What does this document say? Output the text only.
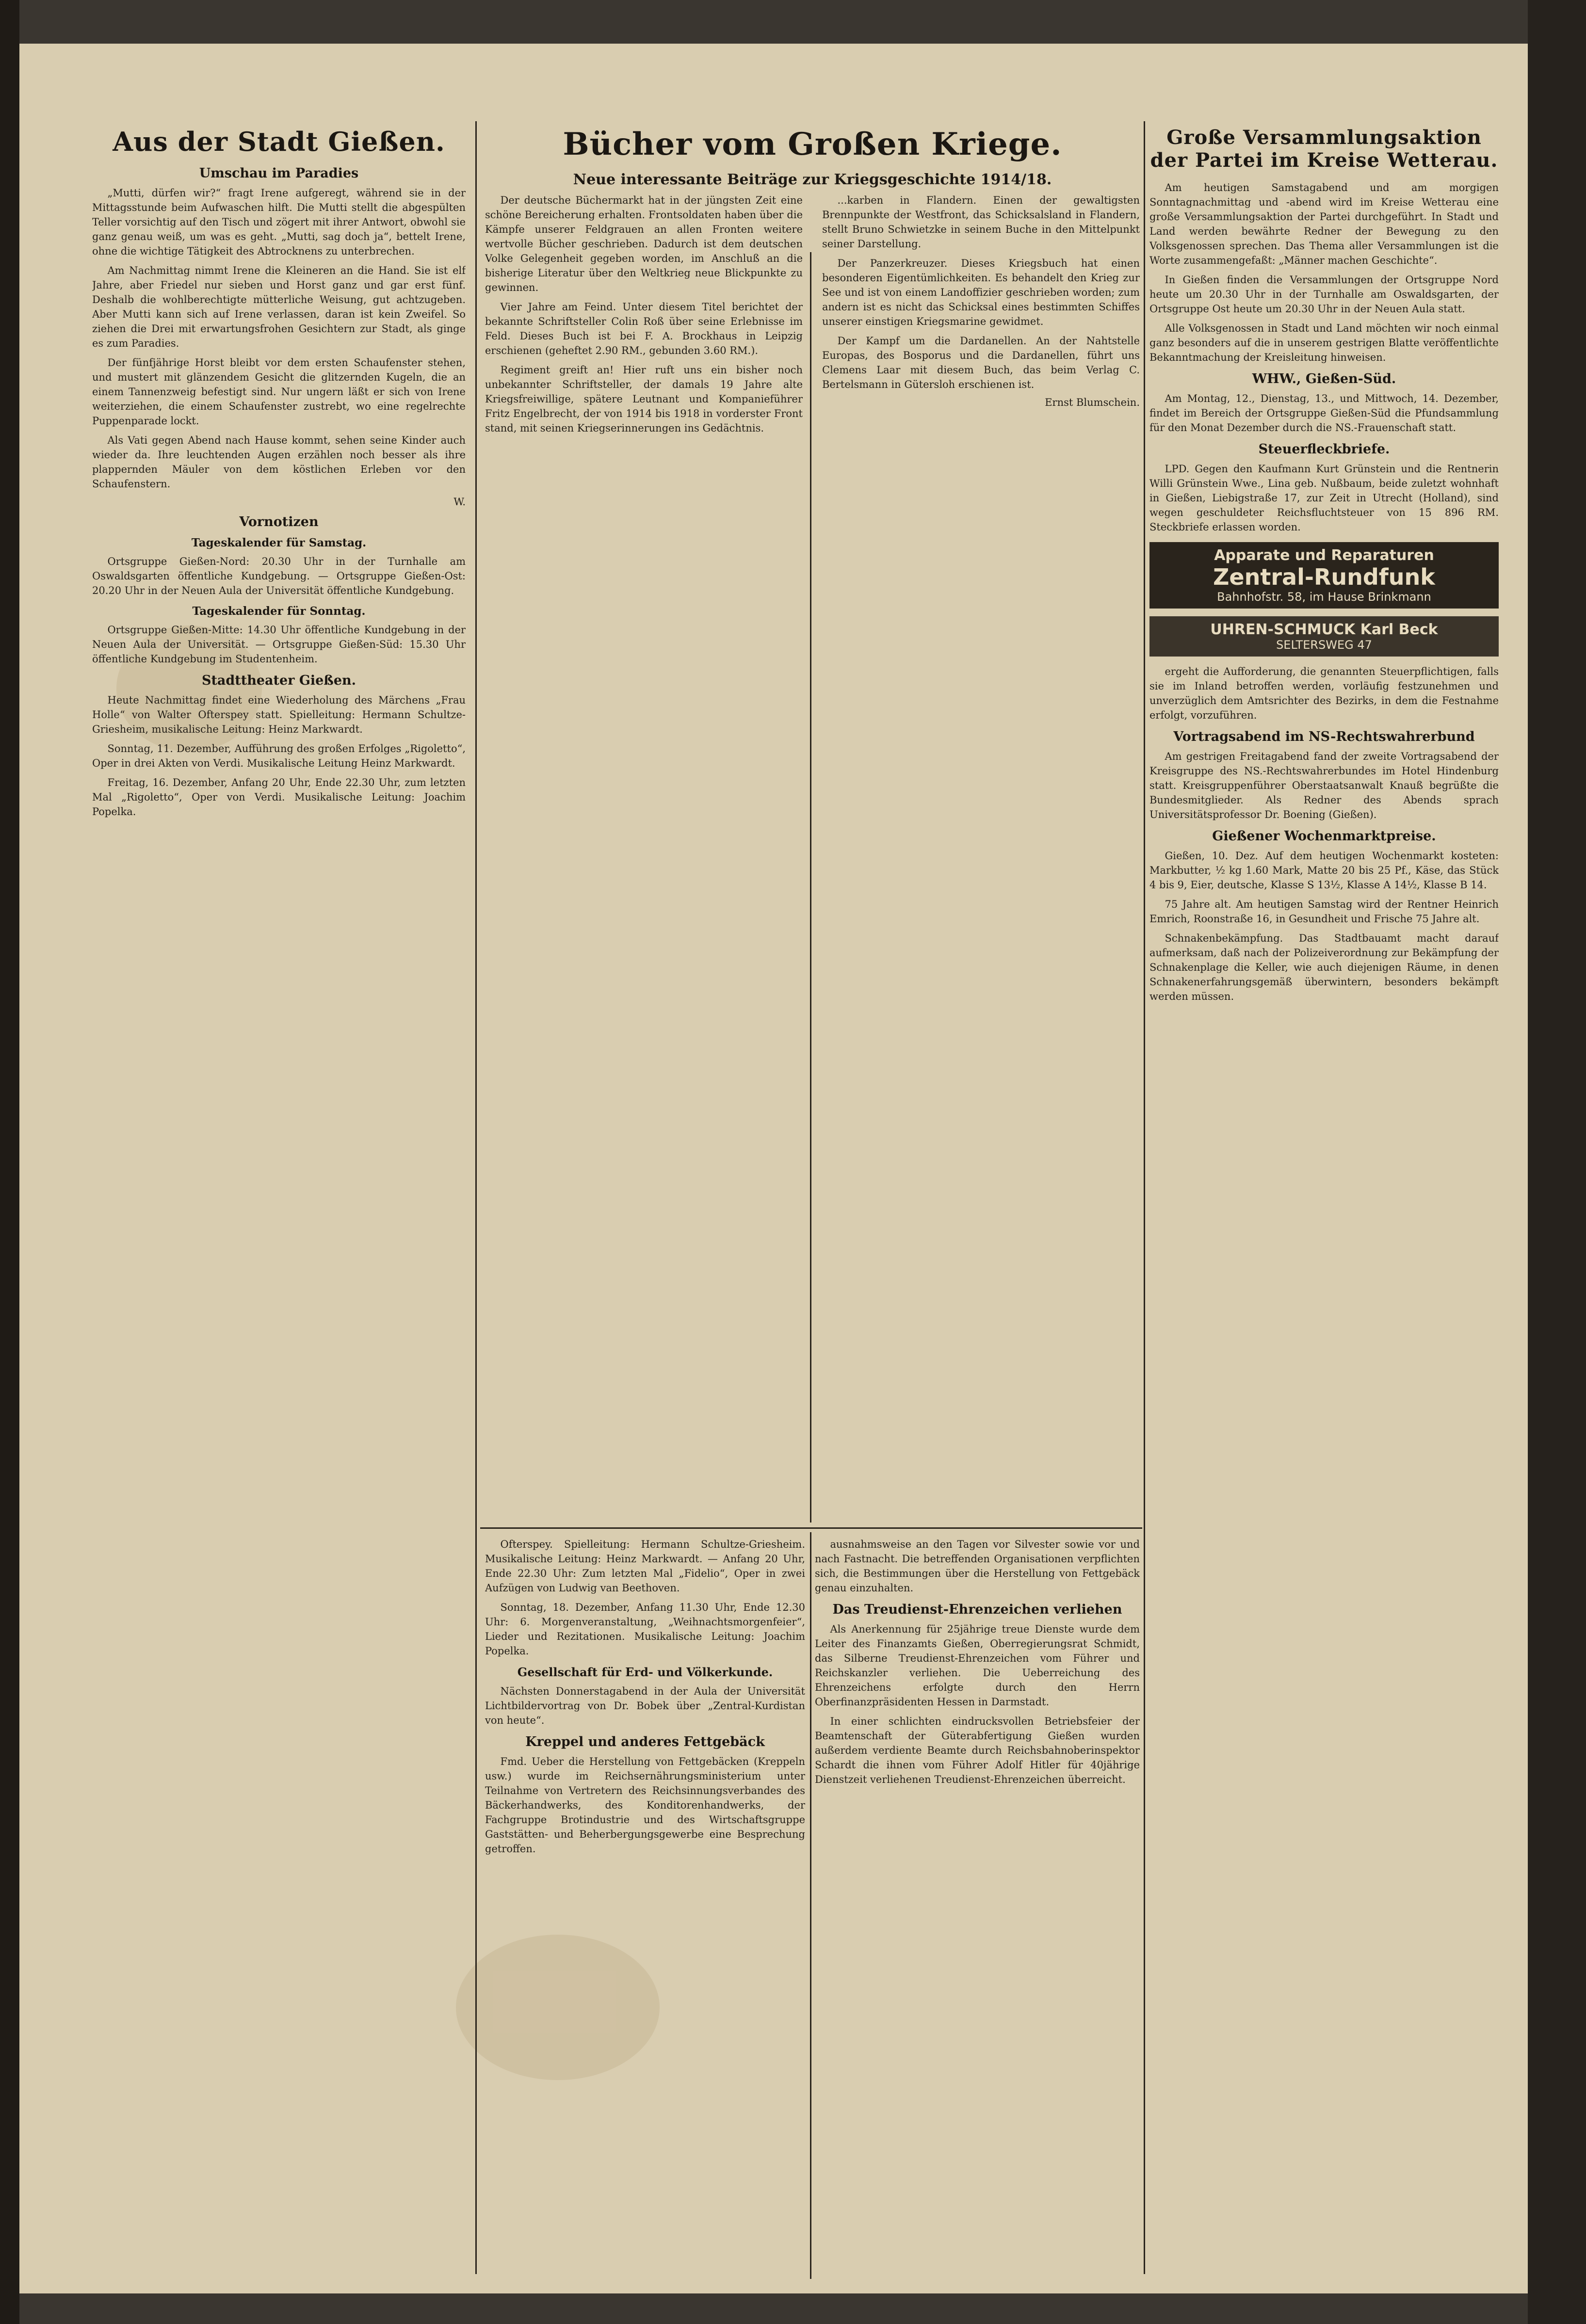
Aus der Stadt Gießen.
Umschau im Paradies

„Mutti, dürfen wir?“ fragt Irene aufgeregt, während sie in der Mittagsstunde beim Aufwaschen hilft. Die Mutti stellt die abgespülten Teller vorsichtig auf den Tisch und zögert mit ihrer Antwort, obwohl sie ganz genau weiß, um was es geht. „Mutti, sag doch ja“, bettelt Irene, ohne die wichtige Tätigkeit des Abtrocknens zu unterbrechen.

Am Nachmittag nimmt Irene die Kleineren an die Hand. Sie ist elf Jahre, aber Friedel nur sieben und Horst ganz und gar erst fünf. Deshalb die wohlberechtigte mütterliche Weisung, gut achtzugeben. Aber Mutti kann sich auf Irene verlassen, daran ist kein Zweifel. So ziehen die Drei mit erwartungsfrohen Gesichtern zur Stadt, als ginge es zum Paradies.

Der fünfjährige Horst bleibt vor dem ersten Schaufenster stehen, und mustert mit glänzendem Gesicht die glitzernden Kugeln, die an einem Tannenzweig befestigt sind. Nur ungern läßt er sich von Irene weiterziehen, die einem Schaufenster zustrebt, wo eine regelrechte Puppenparade lockt.

Als Vati gegen Abend nach Hause kommt, sehen seine Kinder auch wieder da. Ihre leuchtenden Augen erzählen noch besser als ihre plappernden Mäuler von dem köstlichen Erleben vor den Schaufenstern.

W.
Vornotizen
Tageskalender für Samstag.

Ortsgruppe Gießen-Nord: 20.30 Uhr in der Turnhalle am Oswaldsgarten öffentliche Kundgebung. — Ortsgruppe Gießen-Ost: 20.20 Uhr in der Neuen Aula der Universität öffentliche Kundgebung.

Tageskalender für Sonntag.

Ortsgruppe Gießen-Mitte: 14.30 Uhr öffentliche Kundgebung in der Neuen Aula der Universität. — Ortsgruppe Gießen-Süd: 15.30 Uhr öffentliche Kundgebung im Studentenheim.

Stadttheater Gießen.

Heute Nachmittag findet eine Wiederholung des Märchens „Frau Holle“ von Walter Ofterspey statt. Spielleitung: Hermann Schultze-Griesheim, musikalische Leitung: Heinz Markwardt.

Sonntag, 11. Dezember, Aufführung des großen Erfolges „Rigoletto“, Oper in drei Akten von Verdi. Musikalische Leitung Heinz Markwardt.

Freitag, 16. Dezember, Anfang 20 Uhr, Ende 22.30 Uhr, zum letzten Mal „Rigoletto“, Oper von Verdi. Musikalische Leitung: Joachim Popelka.

Bücher vom Großen Kriege.
Neue interessante Beiträge zur Kriegsgeschichte 1914/18.

Der deutsche Büchermarkt hat in der jüngsten Zeit eine schöne Bereicherung erhalten. Frontsoldaten haben über die Kämpfe unserer Feldgrauen an allen Fronten weitere wertvolle Bücher geschrieben. Dadurch ist dem deutschen Volke Gelegenheit gegeben worden, im Anschluß an die bisherige Literatur über den Weltkrieg neue Blickpunkte zu gewinnen.

Vier Jahre am Feind. Unter diesem Titel berichtet der bekannte Schriftsteller Colin Roß über seine Erlebnisse im Feld. Dieses Buch ist bei F. A. Brockhaus in Leipzig erschienen (geheftet 2.90 RM., gebunden 3.60 RM.).

Regiment greift an! Hier ruft uns ein bisher noch unbekannter Schriftsteller, der damals 19 Jahre alte Kriegsfreiwillige, spätere Leutnant und Kompanieführer Fritz Engelbrecht, der von 1914 bis 1918 in vorderster Front stand, mit seinen Kriegserinnerungen ins Gedächtnis.

...karben in Flandern. Einen der gewaltigsten Brennpunkte der Westfront, das Schicksalsland in Flandern, stellt Bruno Schwietzke in seinem Buche in den Mittelpunkt seiner Darstellung.

Der Panzerkreuzer. Dieses Kriegsbuch hat einen besonderen Eigentümlichkeiten. Es behandelt den Krieg zur See und ist von einem Landoffizier geschrieben worden; zum andern ist es nicht das Schicksal eines bestimmten Schiffes unserer einstigen Kriegsmarine gewidmet.

Der Kampf um die Dardanellen. An der Nahtstelle Europas, des Bosporus und die Dardanellen, führt uns Clemens Laar mit diesem Buch, das beim Verlag C. Bertelsmann in Gütersloh erschienen ist.

Ernst Blumschein.

Ofterspey. Spielleitung: Hermann Schultze-Griesheim. Musikalische Leitung: Heinz Markwardt. — Anfang 20 Uhr, Ende 22.30 Uhr: Zum letzten Mal „Fidelio“, Oper in zwei Aufzügen von Ludwig van Beethoven.

Sonntag, 18. Dezember, Anfang 11.30 Uhr, Ende 12.30 Uhr: 6. Morgenveranstaltung, „Weihnachtsmorgenfeier“, Lieder und Rezitationen. Musikalische Leitung: Joachim Popelka.

Gesellschaft für Erd- und Völkerkunde.

Nächsten Donnerstagabend in der Aula der Universität Lichtbildervortrag von Dr. Bobek über „Zentral-Kurdistan von heute“.

Kreppel und anderes Fettgebäck

Fmd. Ueber die Herstellung von Fettgebäcken (Kreppeln usw.) wurde im Reichsernährungsministerium unter Teilnahme von Vertretern des Reichsinnungsverbandes des Bäckerhandwerks, des Konditorenhandwerks, der Fachgruppe Brotindustrie und des Wirtschaftsgruppe Gaststätten- und Beherbergungsgewerbe eine Besprechung getroffen.

ausnahmsweise an den Tagen vor Silvester sowie vor und nach Fastnacht. Die betreffenden Organisationen verpflichten sich, die Bestimmungen über die Herstellung von Fettgebäck genau einzuhalten.

Das Treudienst-Ehrenzeichen verliehen

Als Anerkennung für 25jährige treue Dienste wurde dem Leiter des Finanzamts Gießen, Oberregierungsrat Schmidt, das Silberne Treudienst-Ehrenzeichen vom Führer und Reichskanzler verliehen. Die Ueberreichung des Ehrenzeichens erfolgte durch den Herrn Oberfinanzpräsidenten Hessen in Darmstadt.

In einer schlichten eindrucksvollen Betriebsfeier der Beamtenschaft der Güterabfertigung Gießen wurden außerdem verdiente Beamte durch Reichsbahnoberinspektor Schardt die ihnen vom Führer Adolf Hitler für 40jährige Dienstzeit verliehenen Treudienst-Ehrenzeichen überreicht.

Große Versammlungsaktion der Partei im Kreise Wetterau.

Am heutigen Samstagabend und am morgigen Sonntagnachmittag und -abend wird im Kreise Wetterau eine große Versammlungsaktion der Partei durchgeführt. In Stadt und Land werden bewährte Redner der Bewegung zu den Volksgenossen sprechen. Das Thema aller Versammlungen ist die Worte zusammengefaßt: „Männer machen Geschichte“.

In Gießen finden die Versammlungen der Ortsgruppe Nord heute um 20.30 Uhr in der Turnhalle am Oswaldsgarten, der Ortsgruppe Ost heute um 20.30 Uhr in der Neuen Aula statt.

Alle Volksgenossen in Stadt und Land möchten wir noch einmal ganz besonders auf die in unserem gestrigen Blatte veröffentlichte Bekanntmachung der Kreisleitung hinweisen.

WHW., Gießen-Süd.

Am Montag, 12., Dienstag, 13., und Mittwoch, 14. Dezember, findet im Bereich der Ortsgruppe Gießen-Süd die Pfundsammlung für den Monat Dezember durch die NS.-Frauenschaft statt.

Steuerfleckbriefe.

LPD. Gegen den Kaufmann Kurt Grünstein und die Rentnerin Willi Grünstein Wwe., Lina geb. Nußbaum, beide zuletzt wohnhaft in Gießen, Liebigstraße 17, zur Zeit in Utrecht (Holland), sind wegen geschuldeter Reichsfluchtsteuer von 15 896 RM. Steckbriefe erlassen worden.

Apparate und Reparaturen
Zentral-Rundfunk
Bahnhofstr. 58, im Hause Brinkmann
UHREN-SCHMUCK Karl Beck
SELTERSWEG 47

ergeht die Aufforderung, die genannten Steuerpflichtigen, falls sie im Inland betroffen werden, vorläufig festzunehmen und unverzüglich dem Amtsrichter des Bezirks, in dem die Festnahme erfolgt, vorzuführen.

Vortragsabend im NS-Rechtswahrerbund

Am gestrigen Freitagabend fand der zweite Vortragsabend der Kreisgruppe des NS.-Rechtswahrerbundes im Hotel Hindenburg statt. Kreisgruppenführer Oberstaatsanwalt Knauß begrüßte die Bundesmitglieder. Als Redner des Abends sprach Universitätsprofessor Dr. Boening (Gießen).

Gießener Wochenmarktpreise.

Gießen, 10. Dez. Auf dem heutigen Wochenmarkt kosteten: Markbutter, ½ kg 1.60 Mark, Matte 20 bis 25 Pf., Käse, das Stück 4 bis 9, Eier, deutsche, Klasse S 13½, Klasse A 14½, Klasse B 14.

75 Jahre alt. Am heutigen Samstag wird der Rentner Heinrich Emrich, Roonstraße 16, in Gesundheit und Frische 75 Jahre alt.

Schnakenbekämpfung. Das Stadtbauamt macht darauf aufmerksam, daß nach der Polizeiverordnung zur Bekämpfung der Schnakenplage die Keller, wie auch diejenigen Räume, in denen Schnakenerfahrungsgemäß überwintern, besonders bekämpft werden müssen.
